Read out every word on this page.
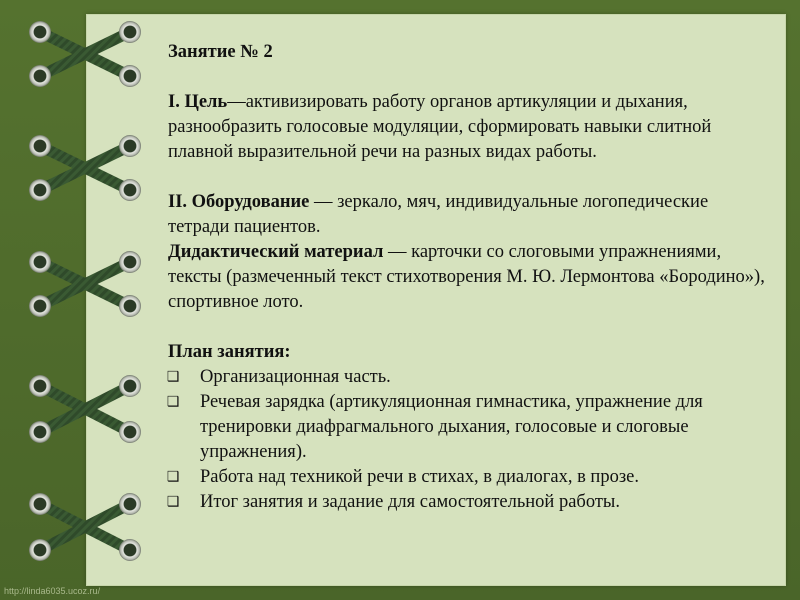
Занятие № 2

I. Цель—активизировать работу органов артикуляции и дыхания, разнообразить голосовые модуляции, сформировать навыки слитной плавной выразительной речи на разных видах работы.

II. Оборудование — зеркало, мяч, индивидуальные логопедические тетради пациентов.

Дидактический материал — карточки со слоговыми упражнениями, тексты (размеченный текст стихотворения М. Ю. Лермонтова «Бородино»), спортивное лото.

План занятия:

❑ Организационная часть.
❑ Речевая зарядка (артикуляционная гимнастика, упражнение для тренировки диафрагмального дыхания, голосовые и слоговые упражнения).
❑ Работа над техникой речи в стихах, в диалогах, в прозе.
❑ Итог занятия и задание для самостоятельной работы.
http://linda6035.ucoz.ru/
